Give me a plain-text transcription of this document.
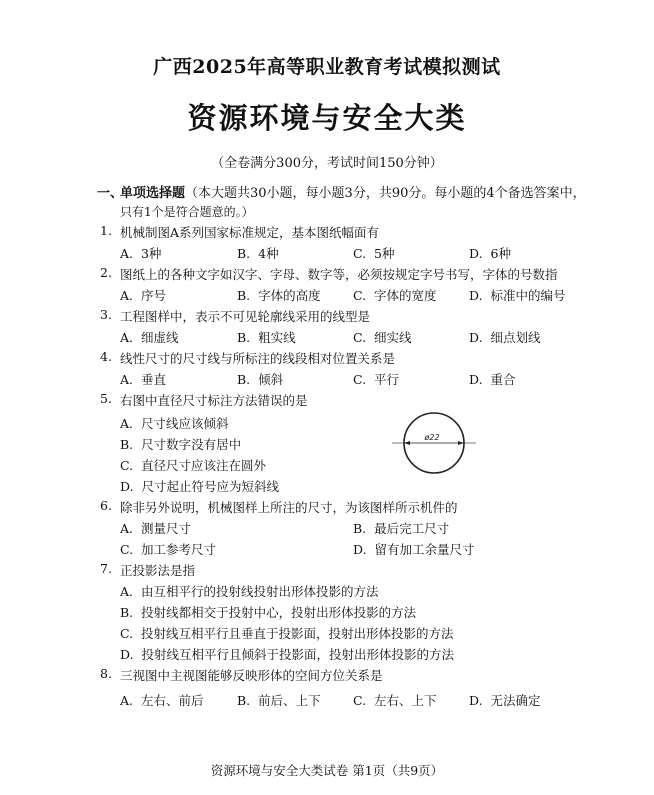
广西2025年高等职业教育考试模拟测试
资源环境与安全大类
（全卷满分300分，考试时间150分钟）
一、
单项选择题（本大题共30小题，每小题3分，共90分。每小题的4个备选答案中，
只有1个是符合题意的。）
1. 机械制图A系列国家标准规定，基本图纸幅面有
A. 3种	B. 4种	C. 5种	D. 6种
2. 图纸上的各种文字如汉字、字母、数字等，必须按规定字号书写，字体的号数指
A. 序号	B. 字体的高度	C. 字体的宽度	D. 标准中的编号
3. 工程图样中，表示不可见轮廓线采用的线型是
A. 细虚线	B. 粗实线	C. 细实线	D. 细点划线
4. 线性尺寸的尺寸线与所标注的线段相对位置关系是
A. 垂直	B. 倾斜	C. 平行	D. 重合
5. 右图中直径尺寸标注方法错误的是
A. 尺寸线应该倾斜
B. 尺寸数字没有居中
C. 直径尺寸应该注在圆外
D. 尺寸起止符号应为短斜线
ø22
6. 除非另外说明，机械图样上所注的尺寸，为该图样所示机件的
A. 测量尺寸	B. 最后完工尺寸
C. 加工参考尺寸	D. 留有加工余量尺寸
7. 正投影法是指
A. 由互相平行的投射线投射出形体投影的方法
B. 投射线都相交于投射中心，投射出形体投影的方法
C. 投射线互相平行且垂直于投影面，投射出形体投影的方法
D. 投射线互相平行且倾斜于投影面，投射出形体投影的方法
8. 三视图中主视图能够反映形体的空间方位关系是
A. 左右、前后	B. 前后、上下	C. 左右、上下	D. 无法确定
资源环境与安全大类试卷 第1页（共9页）
